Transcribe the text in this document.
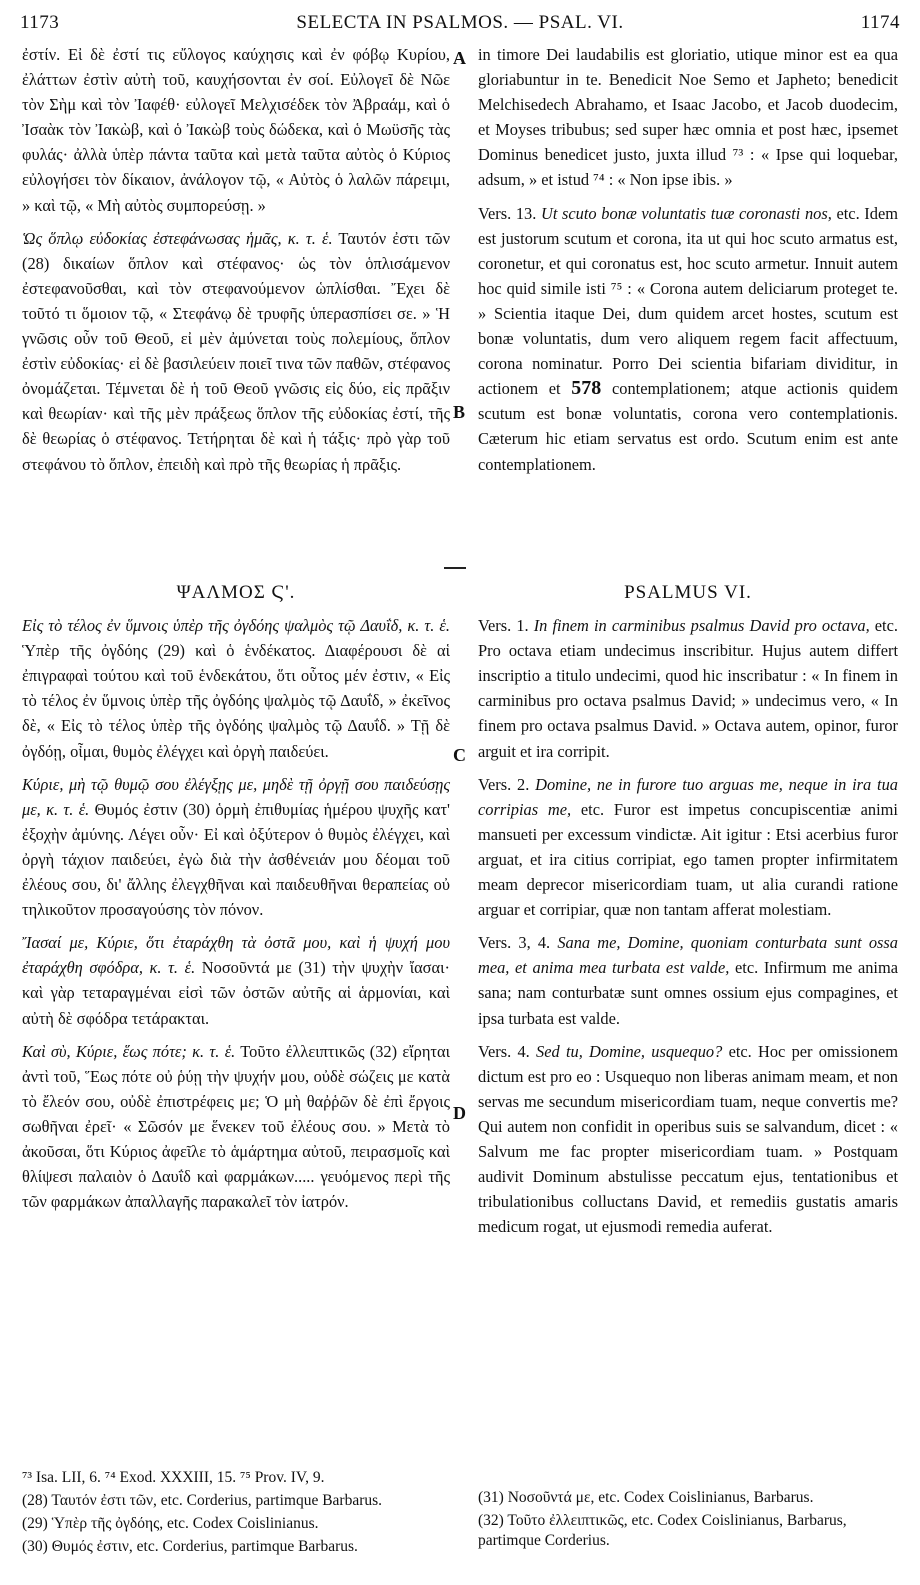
1173	SELECTA IN PSALMOS. — PSAL. VI.	1174
A
B
C
D

ἐστίν. Εἰ δὲ ἐστί τις εὔλογος καύχησις καὶ ἐν φόβῳ Κυρίου, ἐλάττων ἐστὶν αὐτὴ τοῦ, καυχήσονται ἐν σοί. Εὐλογεῖ δὲ Νῶε τὸν Σὴμ καὶ τὸν Ἰαφέθ· εὐλογεῖ Μελχισέδεκ τὸν Ἀβραάμ, καὶ ὁ Ἰσαὰκ τὸν Ἰακὼβ, καὶ ὁ Ἰακὼβ τοὺς δώδεκα, καὶ ὁ Μωϋσῆς τὰς φυλάς· ἀλλὰ ὑπὲρ πάντα ταῦτα καὶ μετὰ ταῦτα αὐτὸς ὁ Κύριος εὐλογήσει τὸν δίκαιον, ἀνάλογον τῷ, « Αὐτὸς ὁ λαλῶν πάρειμι, » καὶ τῷ, « Μὴ αὐτὸς συμπορεύσῃ. »

Ὡς ὅπλῳ εὐδοκίας ἐστεφάνωσας ἡμᾶς, κ. τ. ἑ. Ταυτόν ἐστι τῶν (28) δικαίων ὅπλον καὶ στέφανος· ὡς τὸν ὁπλισάμενον ἐστεφανοῦσθαι, καὶ τὸν στεφανούμενον ὡπλίσθαι. Ἔχει δὲ τοῦτό τι ὅμοιον τῷ, « Στεφάνῳ δὲ τρυφῆς ὑπερασπίσει σε. » Ἡ γνῶσις οὖν τοῦ Θεοῦ, εἰ μὲν ἀμύνεται τοὺς πολεμίους, ὅπλον ἐστὶν εὐδοκίας· εἰ δὲ βασιλεύειν ποιεῖ τινα τῶν παθῶν, στέφανος ὀνομάζεται. Τέμνεται δὲ ἡ τοῦ Θεοῦ γνῶσις εἰς δύο, εἰς πρᾶξιν καὶ θεωρίαν· καὶ τῆς μὲν πράξεως ὅπλον τῆς εὐδοκίας ἐστί, τῆς δὲ θεωρίας ὁ στέφανος. Τετήρηται δὲ καὶ ἡ τάξις· πρὸ γὰρ τοῦ στεφάνου τὸ ὅπλον, ἐπειδὴ καὶ πρὸ τῆς θεωρίας ἡ πρᾶξις.

in timore Dei laudabilis est gloriatio, utique minor est ea qua gloriabuntur in te. Benedicit Noe Semo et Japheto; benedicit Melchisedech Abrahamo, et Isaac Jacobo, et Jacob duodecim, et Moyses tribubus; sed super hæc omnia et post hæc, ipsemet Dominus benedicet justo, juxta illud ⁷³ : « Ipse qui loquebar, adsum, » et istud ⁷⁴ : « Non ipse ibis. »

Vers. 13. Ut scuto bonæ voluntatis tuæ coronasti nos, etc. Idem est justorum scutum et corona, ita ut qui hoc scuto armatus est, coronetur, et qui coronatus est, hoc scuto armetur. Innuit autem hoc quid simile isti ⁷⁵ : « Corona autem deliciarum proteget te. » Scientia itaque Dei, dum quidem arcet hostes, scutum est bonæ voluntatis, dum vero aliquem regem facit affectuum, corona nominatur. Porro Dei scientia bifariam dividitur, in actionem et 578 contemplationem; atque actionis quidem scutum est bonæ voluntatis, corona vero contemplationis. Cæterum hic etiam servatus est ordo. Scutum enim est ante contemplationem.

ΨΑΛΜΟΣ Ϛ'.

Εἰς τὸ τέλος ἐν ὕμνοις ὑπὲρ τῆς ὀγδόης ψαλμὸς τῷ Δαυΐδ, κ. τ. ἑ. Ὑπὲρ τῆς ὀγδόης (29) καὶ ὁ ἑνδέκατος. Διαφέρουσι δὲ αἱ ἐπιγραφαὶ τούτου καὶ τοῦ ἑνδεκάτου, ὅτι οὗτος μέν ἐστιν, « Εἰς τὸ τέλος ἐν ὕμνοις ὑπὲρ τῆς ὀγδόης ψαλμὸς τῷ Δαυΐδ, » ἐκεῖνος δὲ, « Εἰς τὸ τέλος ὑπὲρ τῆς ὀγδόης ψαλμὸς τῷ Δαυΐδ. » Τῇ δὲ ὀγδόῃ, οἶμαι, θυμὸς ἐλέγχει καὶ ὀργὴ παιδεύει.

Κύριε, μὴ τῷ θυμῷ σου ἐλέγξῃς με, μηδὲ τῇ ὀργῇ σου παιδεύσῃς με, κ. τ. ἑ. Θυμός ἐστιν (30) ὁρμὴ ἐπιθυμίας ἡμέρου ψυχῆς κατ' ἐξοχὴν ἀμύνης. Λέγει οὖν· Εἰ καὶ ὀξύτερον ὁ θυμὸς ἐλέγχει, καὶ ὀργὴ τάχιον παιδεύει, ἐγὼ διὰ τὴν ἀσθένειάν μου δέομαι τοῦ ἐλέους σου, δι' ἄλλης ἐλεγχθῆναι καὶ παιδευθῆναι θεραπείας οὐ τηλικοῦτον προσαγούσης τὸν πόνον.

Ἴασαί με, Κύριε, ὅτι ἐταράχθη τὰ ὀστᾶ μου, καὶ ἡ ψυχή μου ἐταράχθη σφόδρα, κ. τ. ἑ. Νοσοῦντά με (31) τὴν ψυχὴν ἴασαι· καὶ γὰρ τεταραγμέναι εἰσὶ τῶν ὀστῶν αὐτῆς αἱ ἁρμονίαι, καὶ αὐτὴ δὲ σφόδρα τετάρακται.

Καὶ σὺ, Κύριε, ἕως πότε; κ. τ. ἑ. Τοῦτο ἐλλειπτικῶς (32) εἴρηται ἀντὶ τοῦ, Ἕως πότε οὐ ῥύῃ τὴν ψυχήν μου, οὐδὲ σώζεις με κατὰ τὸ ἔλεόν σου, οὐδὲ ἐπιστρέφεις με; Ὁ μὴ θαῤῥῶν δὲ ἐπὶ ἔργοις σωθῆναι ἐρεῖ· « Σῶσόν με ἕνεκεν τοῦ ἐλέους σου. » Μετὰ τὸ ἀκοῦσαι, ὅτι Κύριος ἀφεῖλε τὸ ἁμάρτημα αὐτοῦ, πειρασμοῖς καὶ θλίψεσι παλαιὸν ὁ Δαυΐδ καὶ φαρμάκων..... γευόμενος περὶ τῆς τῶν φαρμάκων ἀπαλλαγῆς παρακαλεῖ τὸν ἰατρόν.

PSALMUS VI.

Vers. 1. In finem in carminibus psalmus David pro octava, etc. Pro octava etiam undecimus inscribitur. Hujus autem differt inscriptio a titulo undecimi, quod hic inscribatur : « In finem in carminibus pro octava psalmus David; » undecimus vero, « In finem pro octava psalmus David. » Octava autem, opinor, furor arguit et ira corripit.

Vers. 2. Domine, ne in furore tuo arguas me, neque in ira tua corripias me, etc. Furor est impetus concupiscentiæ animi mansueti per excessum vindictæ. Ait igitur : Etsi acerbius furor arguat, et ira citius corripiat, ego tamen propter infirmitatem meam deprecor misericordiam tuam, ut alia curandi ratione arguar et corripiar, quæ non tantam afferat molestiam.

Vers. 3, 4. Sana me, Domine, quoniam conturbata sunt ossa mea, et anima mea turbata est valde, etc. Infirmum me anima sana; nam conturbatæ sunt omnes ossium ejus compagines, et ipsa turbata est valde.

Vers. 4. Sed tu, Domine, usquequo? etc. Hoc per omissionem dictum est pro eo : Usquequo non liberas animam meam, et non servas me secundum misericordiam tuam, neque convertis me? Qui autem non confidit in operibus suis se salvandum, dicet : « Salvum me fac propter misericordiam tuam. » Postquam audivit Dominum abstulisse peccatum ejus, tentationibus et tribulationibus colluctans David, et remediis gustatis amaris medicum rogat, ut ejusmodi remedia auferat.

⁷³ Isa. LII, 6. ⁷⁴ Exod. XXXIII, 15. ⁷⁵ Prov. IV, 9.

(28) Ταυτόν ἐστι τῶν, etc. Corderius, partimque Barbarus.

(29) Ὑπὲρ τῆς ὀγδόης, etc. Codex Coislinianus.

(30) Θυμός ἐστιν, etc. Corderius, partimque Barbarus.

(31) Νοσοῦντά με, etc. Codex Coislinianus, Barbarus.

(32) Τοῦτο ἐλλειπτικῶς, etc. Codex Coislinianus, Barbarus, partimque Corderius.
